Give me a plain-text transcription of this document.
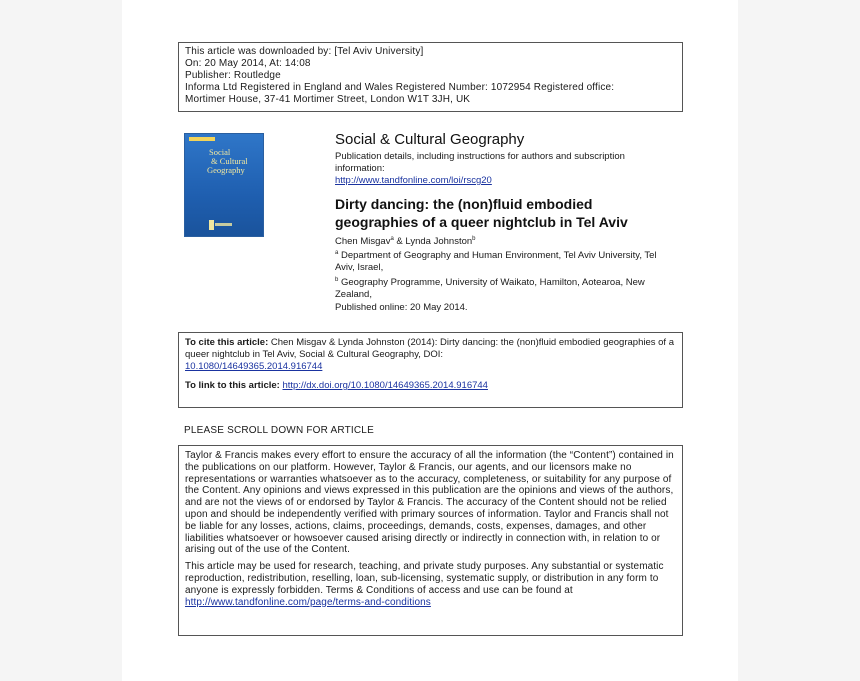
This article was downloaded by: [Tel Aviv University]
On: 20 May 2014, At: 14:08
Publisher: Routledge
Informa Ltd Registered in England and Wales Registered Number: 1072954 Registered office:
Mortimer House, 37-41 Mortimer Street, London W1T 3JH, UK
Social
& Cultural
Geography
Social & Cultural Geography
Publication details, including instructions for authors and subscription information:
http://www.tandfonline.com/loi/rscg20
Dirty dancing: the (non)fluid embodied geographies of a queer nightclub in Tel Aviv
Chen Misgav$^a$ & Lynda Johnston$^b$
$^a$ Department of Geography and Human Environment, Tel Aviv University, Tel Aviv, Israel,
$^b$ Geography Programme, University of Waikato, Hamilton, Aotearoa, New Zealand,
Published online: 20 May 2014.
To cite this article: Chen Misgav & Lynda Johnston (2014): Dirty dancing: the (non)fluid embodied geographies of a queer nightclub in Tel Aviv, Social & Cultural Geography, DOI:
10.1080/14649365.2014.916744
To link to this article: http://dx.doi.org/10.1080/14649365.2014.916744
PLEASE SCROLL DOWN FOR ARTICLE

Taylor & Francis makes every effort to ensure the accuracy of all the information (the “Content”) contained in the publications on our platform. However, Taylor & Francis, our agents, and our licensors make no representations or warranties whatsoever as to the accuracy, completeness, or suitability for any purpose of the Content. Any opinions and views expressed in this publication are the opinions and views of the authors, and are not the views of or endorsed by Taylor & Francis. The accuracy of the Content should not be relied upon and should be independently verified with primary sources of information. Taylor and Francis shall not be liable for any losses, actions, claims, proceedings, demands, costs, expenses, damages, and other liabilities whatsoever or howsoever caused arising directly or indirectly in connection with, in relation to or arising out of the use of the Content.

This article may be used for research, teaching, and private study purposes. Any substantial or systematic reproduction, redistribution, reselling, loan, sub-licensing, systematic supply, or distribution in any form to anyone is expressly forbidden. Terms & Conditions of access and use can be found at http://www.tandfonline.com/page/terms-and-conditions
